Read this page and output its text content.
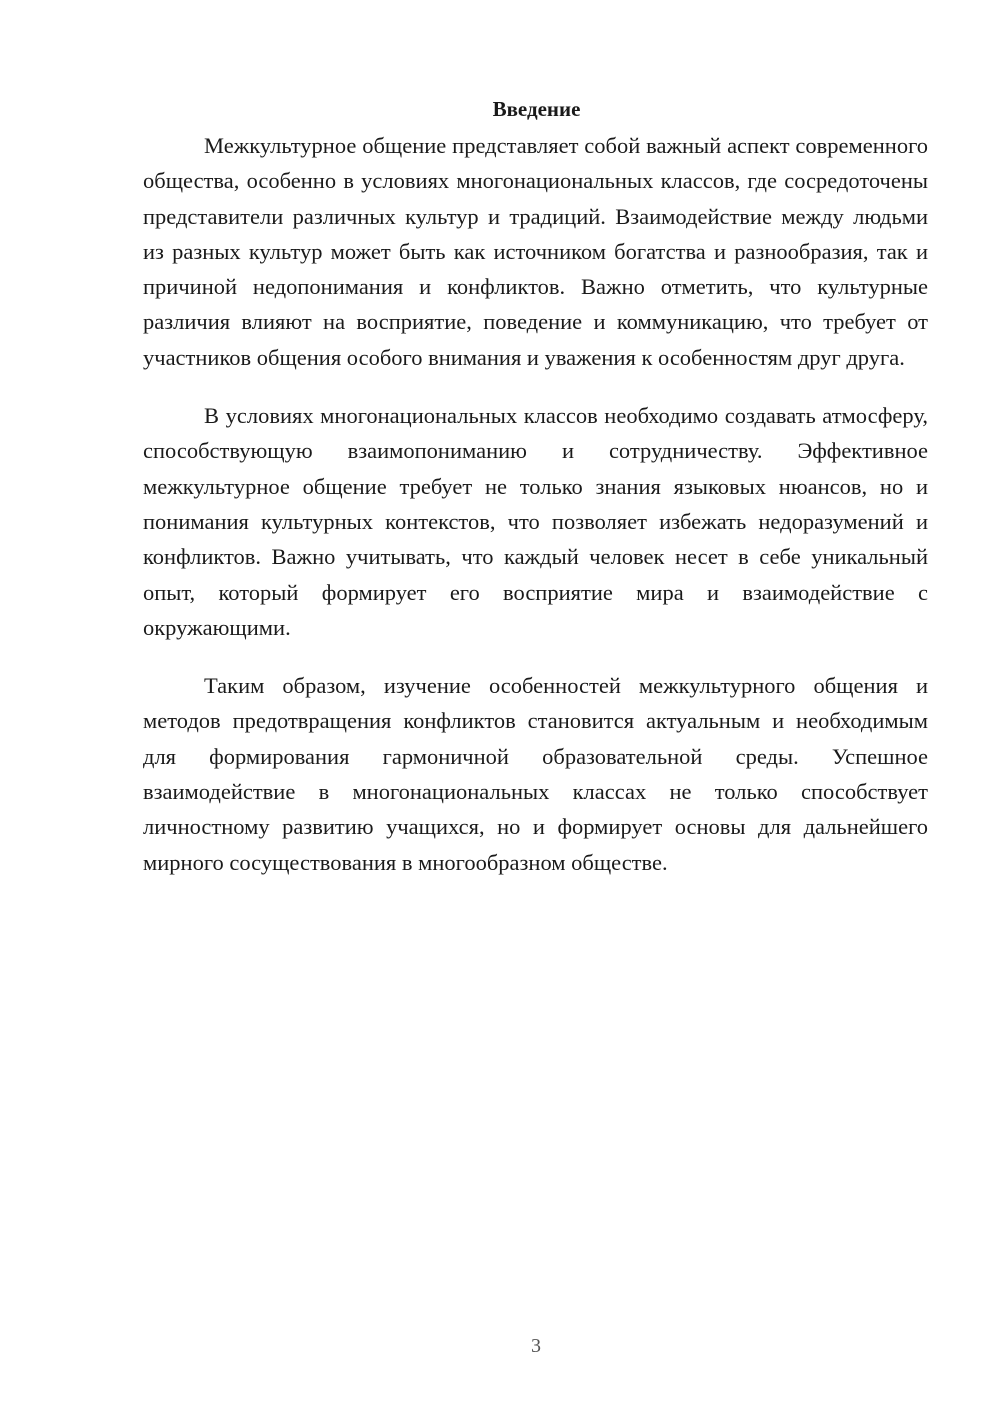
Введение

Межкультурное общение представляет собой важный аспект современного общества, особенно в условиях многонациональных классов, где сосредоточены представители различных культур и традиций. Взаимодействие между людьми из разных культур может быть как источником богатства и разнообразия, так и причиной недопонимания и конфликтов. Важно отметить, что культурные различия влияют на восприятие, поведение и коммуникацию, что требует от участников общения особого внимания и уважения к особенностям друг друга.

В условиях многонациональных классов необходимо создавать атмосферу, способствующую взаимопониманию и сотрудничеству. Эффективное межкультурное общение требует не только знания языковых нюансов, но и понимания культурных контекстов, что позволяет избежать недоразумений и конфликтов. Важно учитывать, что каждый человек несет в себе уникальный опыт, который формирует его восприятие мира и взаимодействие с окружающими.

Таким образом, изучение особенностей межкультурного общения и методов предотвращения конфликтов становится актуальным и необходимым для формирования гармоничной образовательной среды. Успешное взаимодействие в многонациональных классах не только способствует личностному развитию учащихся, но и формирует основы для дальнейшего мирного сосуществования в многообразном обществе.

3
